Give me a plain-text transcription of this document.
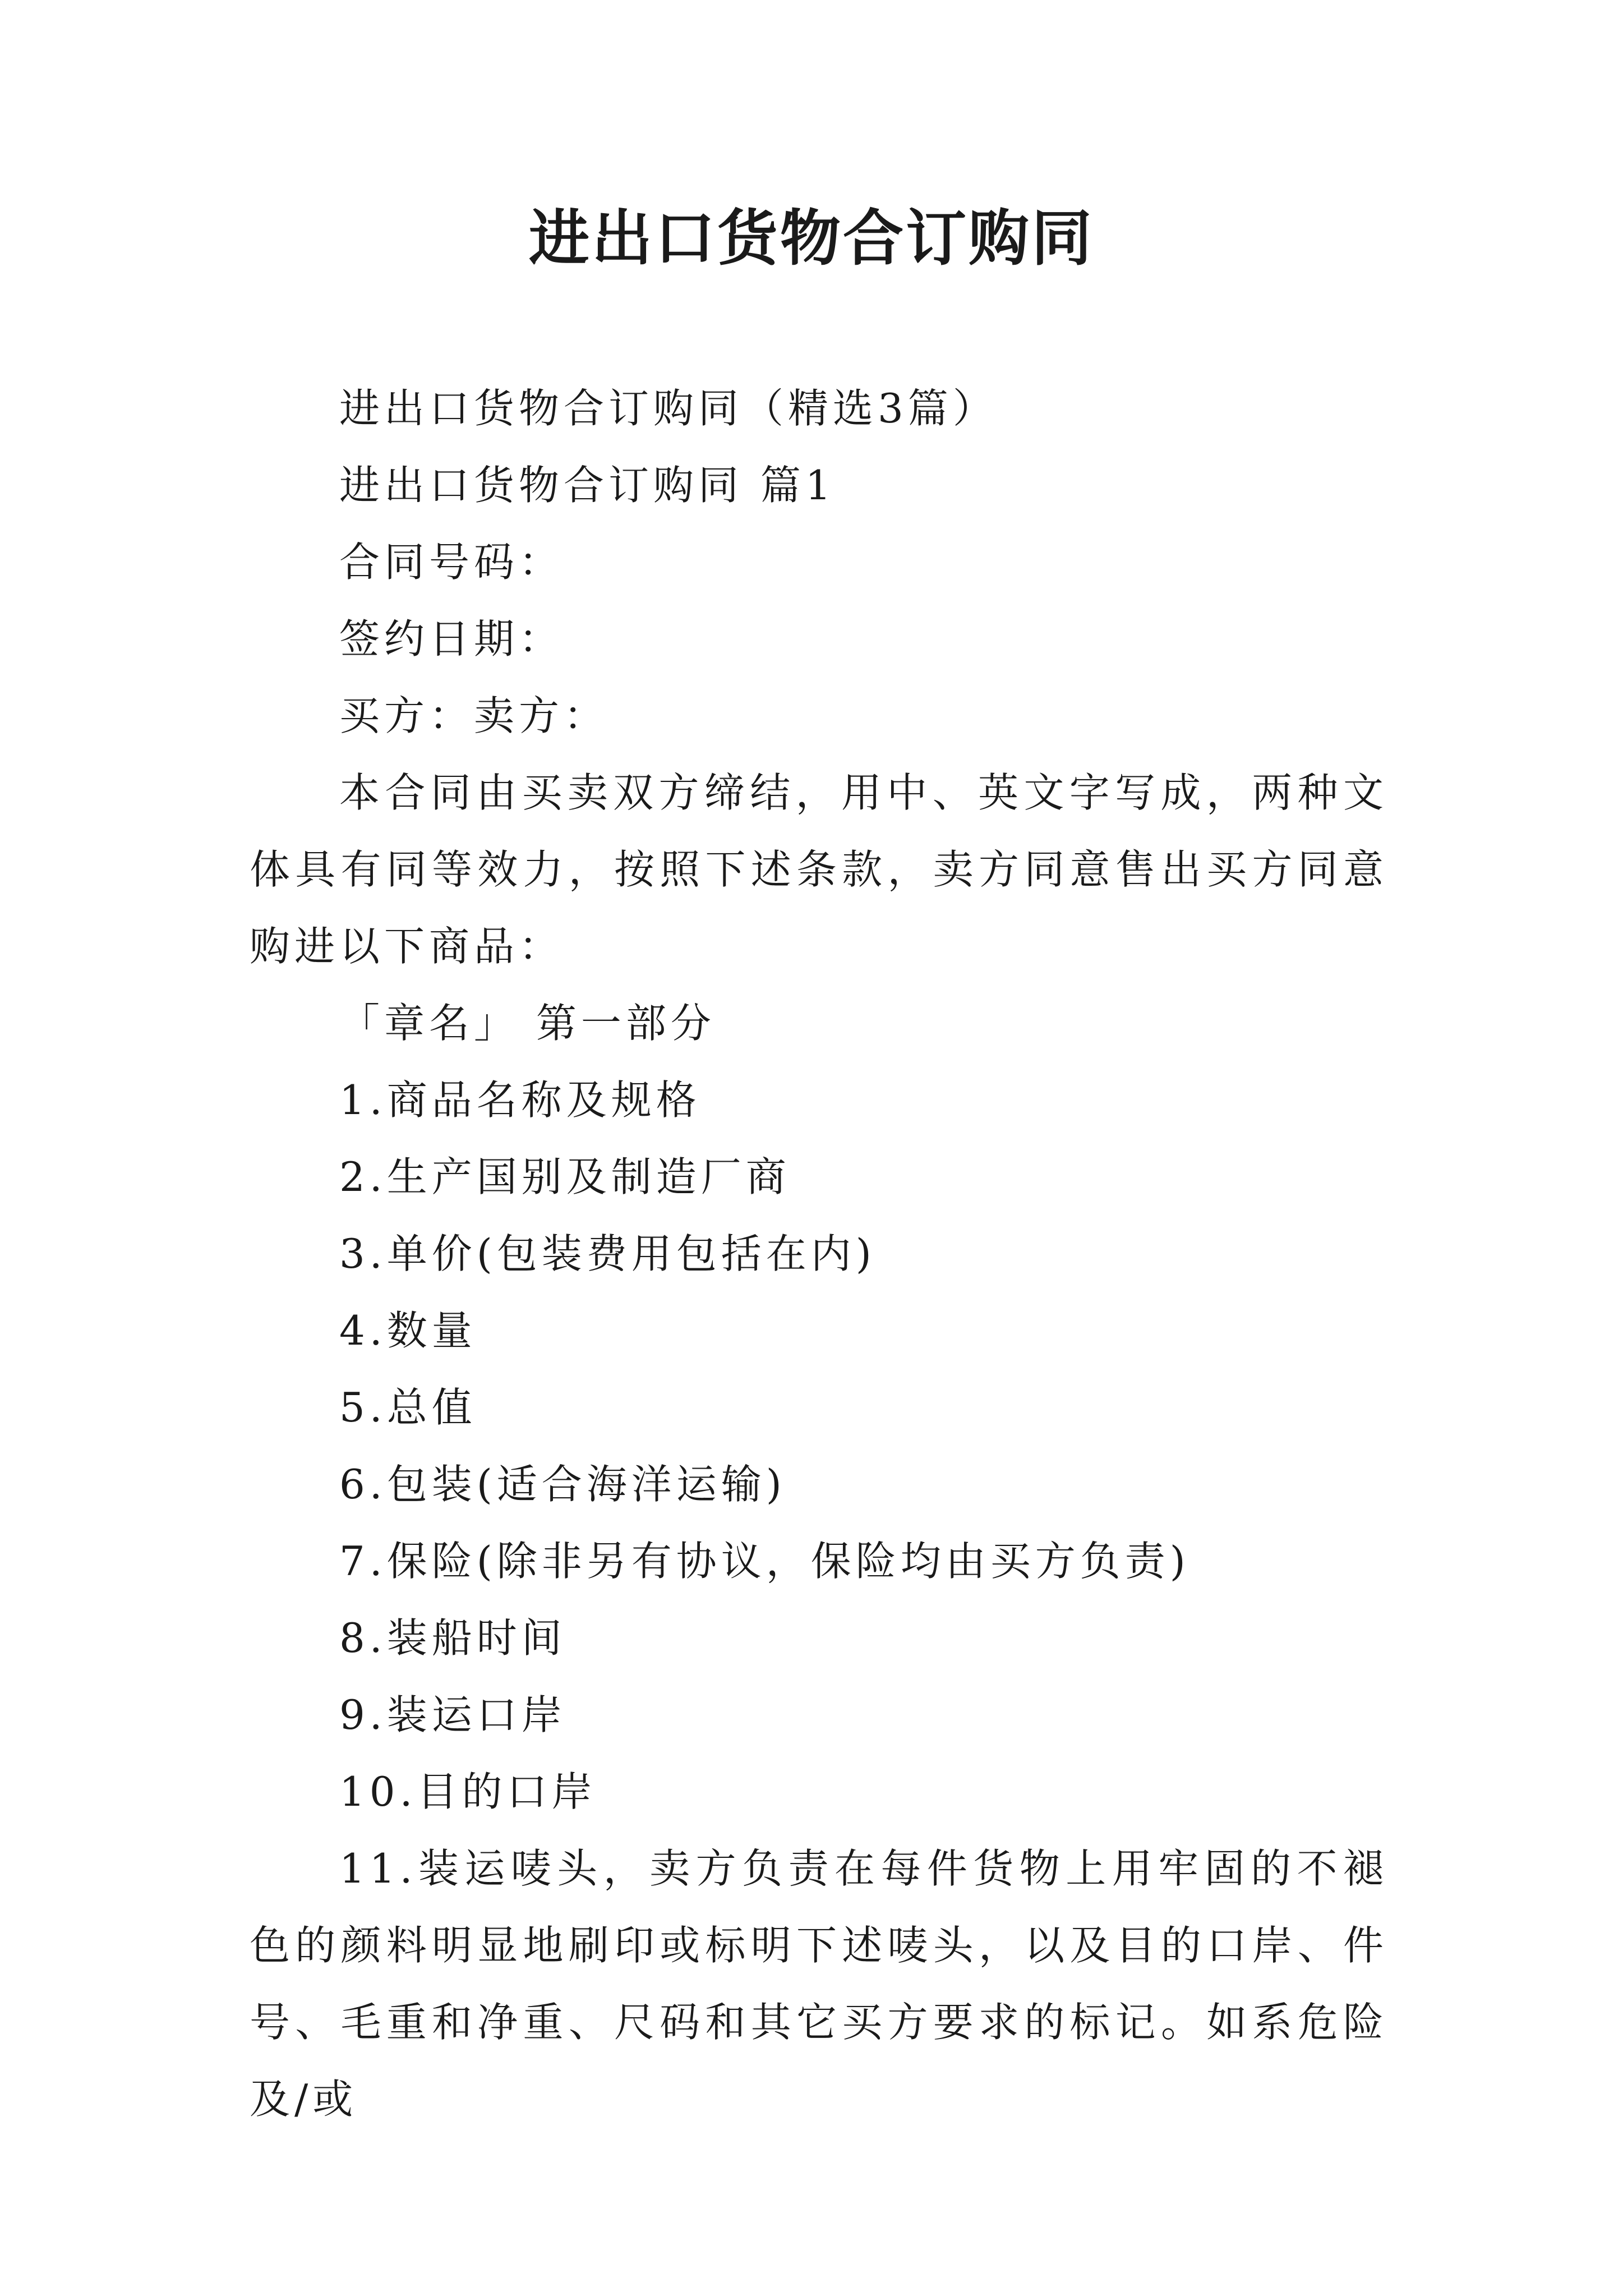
进出口货物合订购同
进出口货物合订购同（精选3篇）
进出口货物合订购同 篇1
合同号码：
签约日期：
买方：卖方：
本合同由买卖双方缔结，用中、英文字写成，两种文体具有同等效力，按照下述条款，卖方同意售出买方同意购进以下商品：
「章名」 第一部分
1.商品名称及规格
2.生产国别及制造厂商
3.单价(包装费用包括在内)
4.数量
5.总值
6.包装(适合海洋运输)
7.保险(除非另有协议，保险均由买方负责)
8.装船时间
9.装运口岸
10.目的口岸
11.装运唛头，卖方负责在每件货物上用牢固的不褪色的颜料明显地刷印或标明下述唛头，以及目的口岸、件号、毛重和净重、尺码和其它买方要求的标记。如系危险及/或
